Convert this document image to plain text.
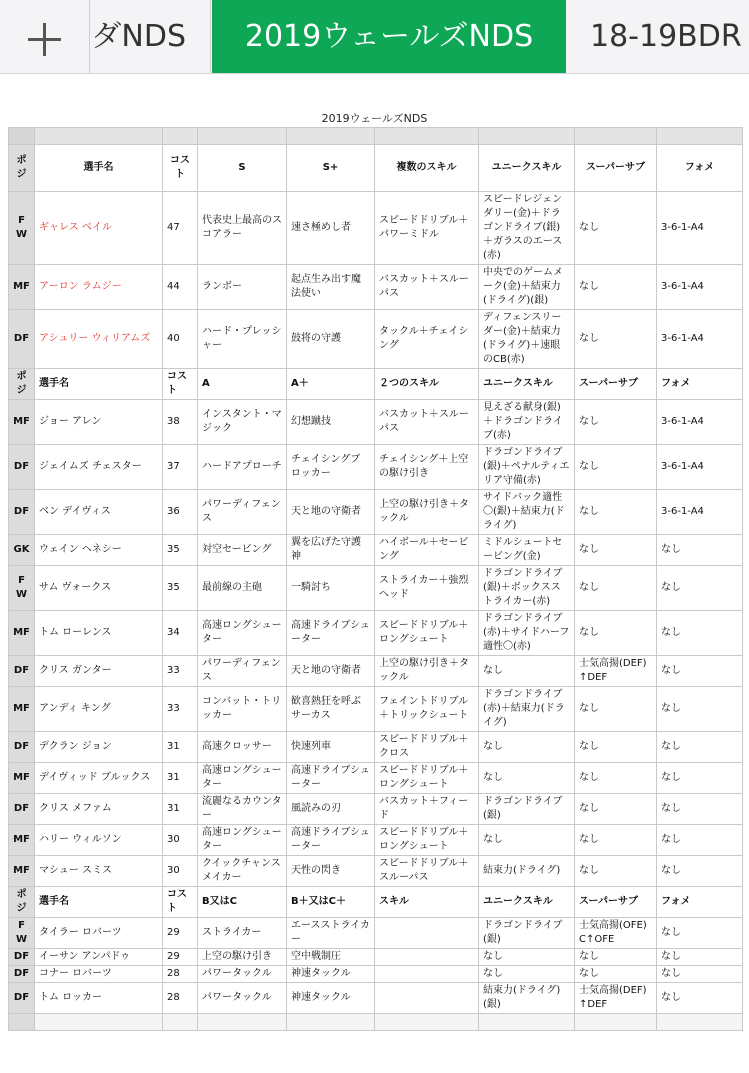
ダNDS	2019ウェールズNDS	18-19BDR
2019ウェールズNDS

ポジ	選手名	コスト	S	S+	複数のスキル	ユニークスキル	スーパーサブ	フォメ
FW	ギャレス ベイル	47	代表史上最高のスコアラー	速さ極めし者	スピードドリブル＋パワーミドル	スピードレジェンダリー(金)＋ドラゴンドライブ(銀)＋ガラスのエース(赤)	なし	3-6-1-A4
MF	アーロン ラムジー	44	ランボー	起点生み出す魔法使い	バスカット＋スルーパス	中央でのゲームメーク(金)＋結束力(ドライグ)(銀)	なし	3-6-1-A4
DF	アシュリー ウィリアムズ	40	ハード・プレッシャー	鼓将の守護	タックル＋チェイシング	ディフェンスリーダー(金)＋結束力(ドライグ)＋速眼のCB(赤)	なし	3-6-1-A4
ポジ	選手名	コスト	A	A＋	２つのスキル	ユニークスキル	スーパーサブ	フォメ
MF	ジョー アレン	38	インスタント・マジック	幻想蹴技	バスカット＋スルーパス	見えざる献身(銀)＋ドラゴンドライブ(赤)	なし	3-6-1-A4
DF	ジェイムズ チェスター	37	ハードアプローチ	チェイシングブロッカー	チェイシング＋上空の駆け引き	ドラゴンドライブ(銀)＋ペナルティエリア守備(赤)	なし	3-6-1-A4
DF	ベン デイヴィス	36	パワーディフェンス	天と地の守衛者	上空の駆け引き＋タックル	サイドバック適性〇(銀)＋結束力(ドライグ)	なし	3-6-1-A4
GK	ウェイン ヘネシー	35	対空セービング	翼を広げた守護神	ハイボール＋セービング	ミドルシュートセービング(金)	なし	なし
FW	サム ヴォークス	35	最前線の主砲	一騎討ち	ストライカー＋強烈ヘッド	ドラゴンドライブ(銀)＋ボックスストライカー(赤)	なし	なし
MF	トム ローレンス	34	高速ロングシューター	高速ドライブシューター	スピードドリブル＋ロングシュート	ドラゴンドライブ(赤)＋サイドハーフ適性〇(赤)	なし	なし
DF	クリス ガンター	33	パワーディフェンス	天と地の守衛者	上空の駆け引き＋タックル	なし	士気高揚(DEF)↑DEF	なし
MF	アンディ キング	33	コンバット・トリッカー	歓喜熱狂を呼ぶサーカス	フェイントドリブル＋トリックシュート	ドラゴンドライブ(赤)＋結束力(ドライグ)	なし	なし
DF	デクラン ジョン	31	高速クロッサー	快速列車	スピードドリブル＋クロス	なし	なし	なし
MF	デイヴィッド ブルックス	31	高速ロングシューター	高速ドライブシューター	スピードドリブル＋ロングシュート	なし	なし	なし
DF	クリス メファム	31	流麗なるカウンター	風読みの刃	バスカット＋フィード	ドラゴンドライブ(銀)	なし	なし
MF	ハリー ウィルソン	30	高速ロングシューター	高速ドライブシューター	スピードドリブル＋ロングシュート	なし	なし	なし
MF	マシュー スミス	30	クイックチャンスメイカー	天性の閃き	スピードドリブル＋スルーパス	結束力(ドライグ)	なし	なし
ポジ	選手名	コスト	B又はC	B＋又はC＋	スキル	ユニークスキル	スーパーサブ	フォメ
FW	タイラー ロバーツ	29	ストライカー	エースストライカー		ドラゴンドライブ(銀)	士気高揚(OFE)C↑OFE	なし
DF	イーサン アンパドゥ	29	上空の駆け引き	空中戦制圧		なし	なし	なし
DF	コナー ロバーツ	28	パワータックル	神速タックル		なし	なし	なし
DF	トム ロッカー	28	パワータックル	神速タックル		結束力(ドライグ)(銀)	士気高揚(DEF)↑DEF	なし
